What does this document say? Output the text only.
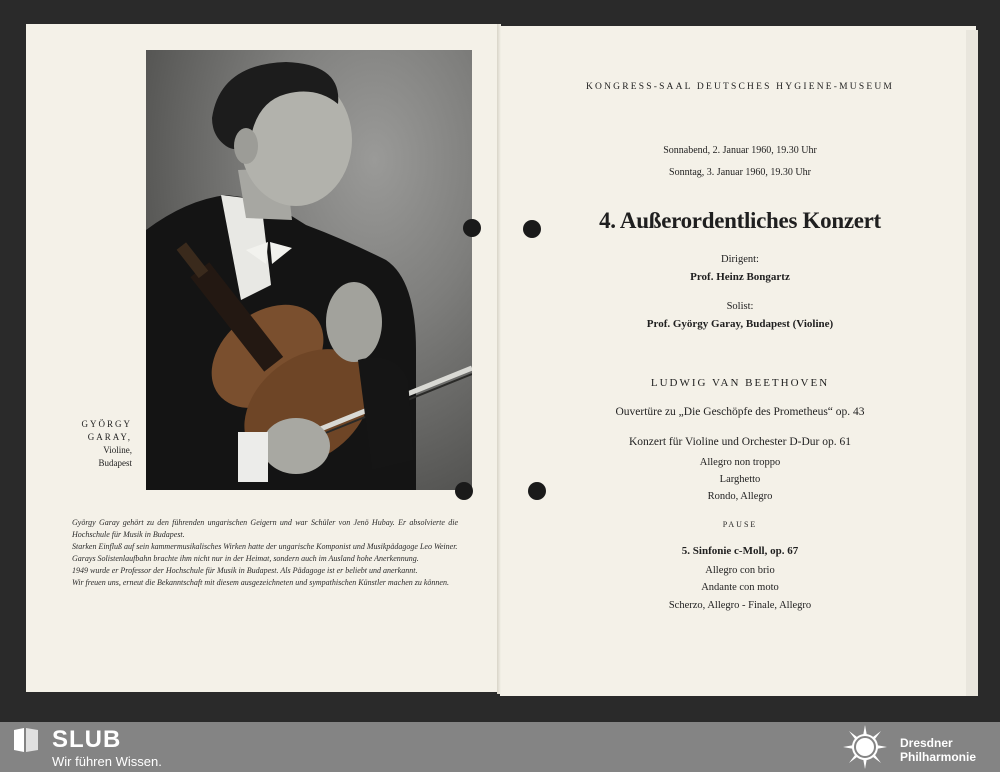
GYÖRGY
GARAY,
Violine,
Budapest

György Garay gehört zu den führenden ungarischen Geigern und war Schüler von Jenö Hubay. Er absolvierte die Hochschule für Musik in Budapest.

Starken Einfluß auf sein kammermusikalisches Wirken hatte der ungarische Komponist und Musikpädagoge Leo Weiner.

Garays Solistenlaufbahn brachte ihm nicht nur in der Heimat, sondern auch im Ausland hohe Anerkennung.

1949 wurde er Professor der Hochschule für Musik in Budapest. Als Pädagoge ist er beliebt und anerkannt.

Wir freuen uns, erneut die Bekanntschaft mit diesem ausgezeichneten und sympathischen Künstler machen zu können.

KONGRESS-SAAL DEUTSCHES HYGIENE-MUSEUM
Sonnabend, 2. Januar 1960, 19.30 Uhr
Sonntag, 3. Januar 1960, 19.30 Uhr
4. Außerordentliches Konzert
Dirigent:
Prof. Heinz Bongartz
Solist:
Prof. György Garay, Budapest (Violine)
LUDWIG VAN BEETHOVEN
Ouvertüre zu „Die Geschöpfe des Prometheus“ op. 43
Konzert für Violine und Orchester D-Dur op. 61
Allegro non troppo
Larghetto
Rondo, Allegro
PAUSE
5. Sinfonie c-Moll, op. 67
Allegro con brio
Andante con moto
Scherzo, Allegro - Finale, Allegro
SLUB
Wir führen Wissen.
Dresdner
Philharmonie
